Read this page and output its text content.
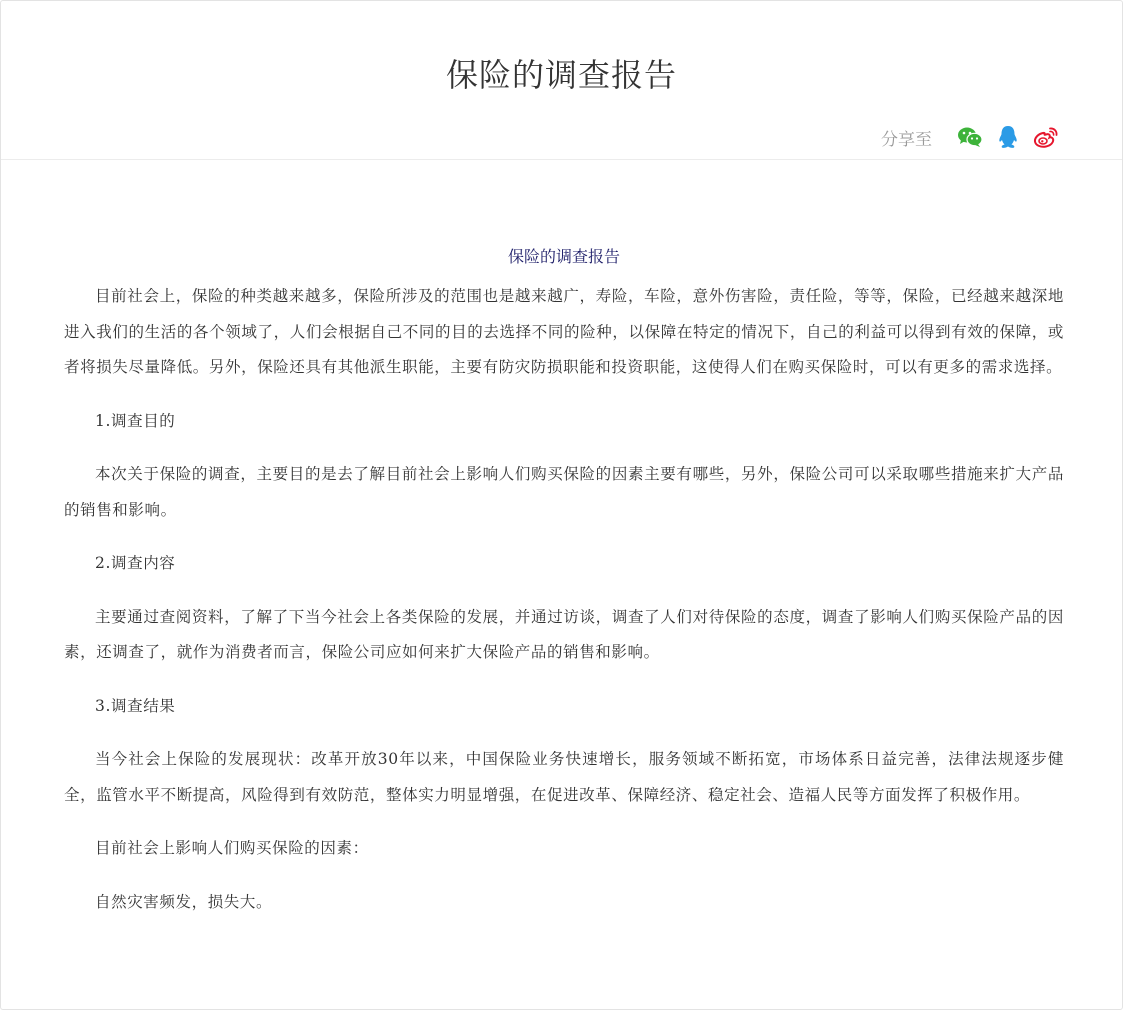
保险的调查报告
分享至
保险的调查报告

目前社会上，保险的种类越来越多，保险所涉及的范围也是越来越广，寿险，车险，意外伤害险，责任险，等等，保险，已经越来越深地进入我们的生活的各个领域了，人们会根据自己不同的目的去选择不同的险种，以保障在特定的情况下，自己的利益可以得到有效的保障，或者将损失尽量降低。另外，保险还具有其他派生职能，主要有防灾防损职能和投资职能，这使得人们在购买保险时，可以有更多的需求选择。

1.调查目的

本次关于保险的调查，主要目的是去了解目前社会上影响人们购买保险的因素主要有哪些，另外，保险公司可以采取哪些措施来扩大产品的销售和影响。

2.调查内容

主要通过查阅资料，了解了下当今社会上各类保险的发展，并通过访谈，调查了人们对待保险的态度，调查了影响人们购买保险产品的因素，还调查了，就作为消费者而言，保险公司应如何来扩大保险产品的销售和影响。

3.调查结果

当今社会上保险的发展现状：改革开放30年以来，中国保险业务快速增长，服务领域不断拓宽，市场体系日益完善，法律法规逐步健全，监管水平不断提高，风险得到有效防范，整体实力明显增强，在促进改革、保障经济、稳定社会、造福人民等方面发挥了积极作用。

目前社会上影响人们购买保险的因素：

自然灾害频发，损失大。
